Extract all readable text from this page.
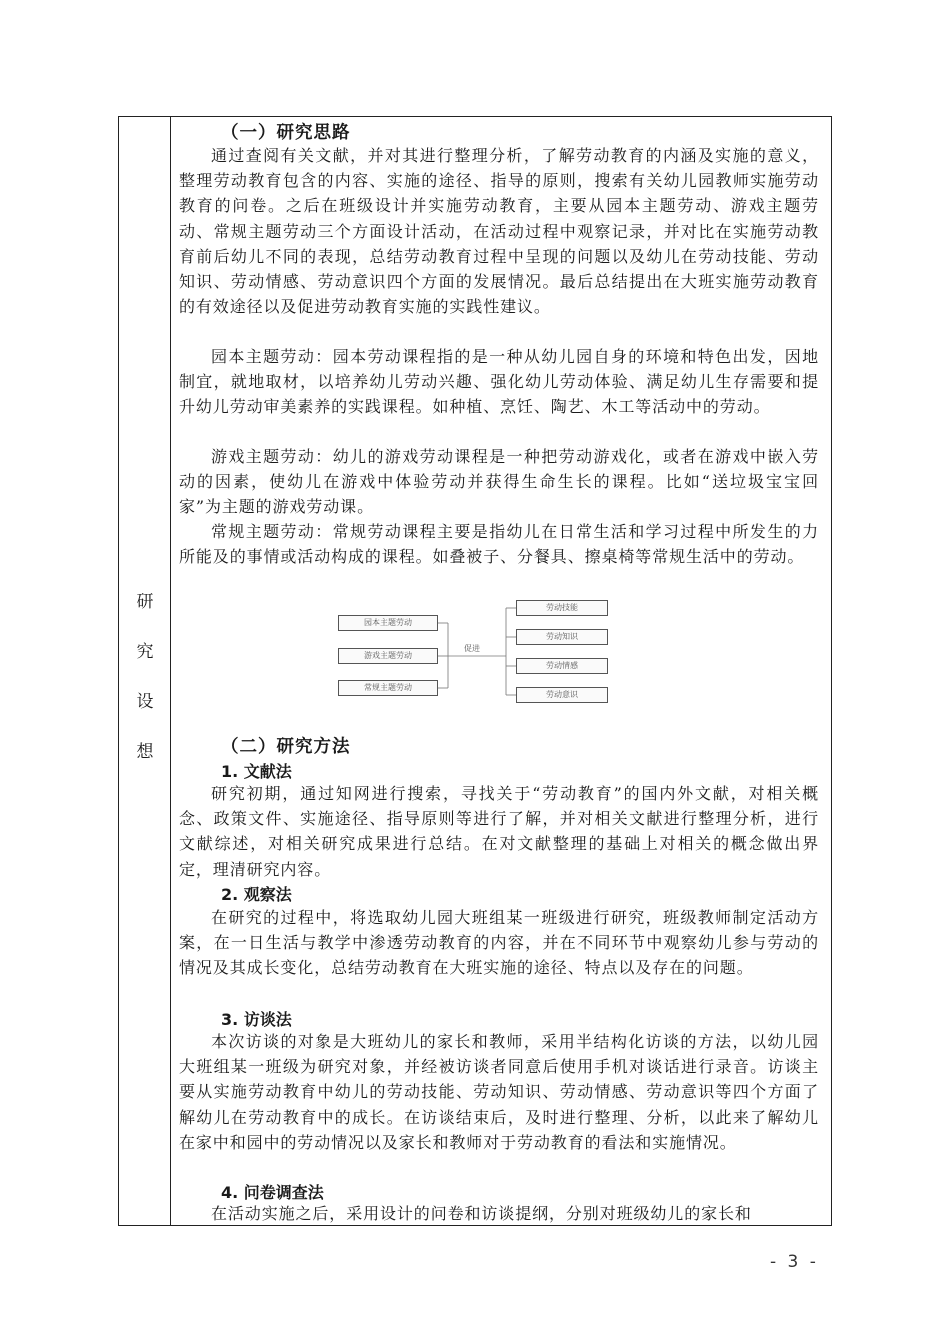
研
究
设
想
（一）研究思路

通过查阅有关文献，并对其进行整理分析，了解劳动教育的内涵及实施的意义，整理劳动教育包含的内容、实施的途径、指导的原则，搜索有关幼儿园教师实施劳动教育的问卷。之后在班级设计并实施劳动教育，主要从园本主题劳动、游戏主题劳动、常规主题劳动三个方面设计活动，在活动过程中观察记录，并对比在实施劳动教育前后幼儿不同的表现，总结劳动教育过程中呈现的问题以及幼儿在劳动技能、劳动知识、劳动情感、劳动意识四个方面的发展情况。最后总结提出在大班实施劳动教育的有效途径以及促进劳动教育实施的实践性建议。

园本主题劳动：园本劳动课程指的是一种从幼儿园自身的环境和特色出发，因地制宜，就地取材，以培养幼儿劳动兴趣、强化幼儿劳动体验、满足幼儿生存需要和提升幼儿劳动审美素养的实践课程。如种植、烹饪、陶艺、木工等活动中的劳动。

游戏主题劳动：幼儿的游戏劳动课程是一种把劳动游戏化，或者在游戏中嵌入劳动的因素，使幼儿在游戏中体验劳动并获得生命生长的课程。比如“送垃圾宝宝回家”为主题的游戏劳动课。

常规主题劳动：常规劳动课程主要是指幼儿在日常生活和学习过程中所发生的力所能及的事情或活动构成的课程。如叠被子、分餐具、擦桌椅等常规生活中的劳动。

园本主题劳动
游戏主题劳动
常规主题劳动
促进
劳动技能
劳动知识
劳动情感
劳动意识
（二）研究方法
1. 文献法

研究初期，通过知网进行搜索，寻找关于“劳动教育”的国内外文献，对相关概念、政策文件、实施途径、指导原则等进行了解，并对相关文献进行整理分析，进行文献综述，对相关研究成果进行总结。在对文献整理的基础上对相关的概念做出界定，理清研究内容。

2. 观察法

在研究的过程中，将选取幼儿园大班组某一班级进行研究，班级教师制定活动方案，在一日生活与教学中渗透劳动教育的内容，并在不同环节中观察幼儿参与劳动的情况及其成长变化，总结劳动教育在大班实施的途径、特点以及存在的问题。

3. 访谈法

本次访谈的对象是大班幼儿的家长和教师，采用半结构化访谈的方法，以幼儿园大班组某一班级为研究对象，并经被访谈者同意后使用手机对谈话进行录音。访谈主要从实施劳动教育中幼儿的劳动技能、劳动知识、劳动情感、劳动意识等四个方面了解幼儿在劳动教育中的成长。在访谈结束后，及时进行整理、分析，以此来了解幼儿在家中和园中的劳动情况以及家长和教师对于劳动教育的看法和实施情况。

4. 问卷调查法

在活动实施之后，采用设计的问卷和访谈提纲，分别对班级幼儿的家长和

- 3 -
